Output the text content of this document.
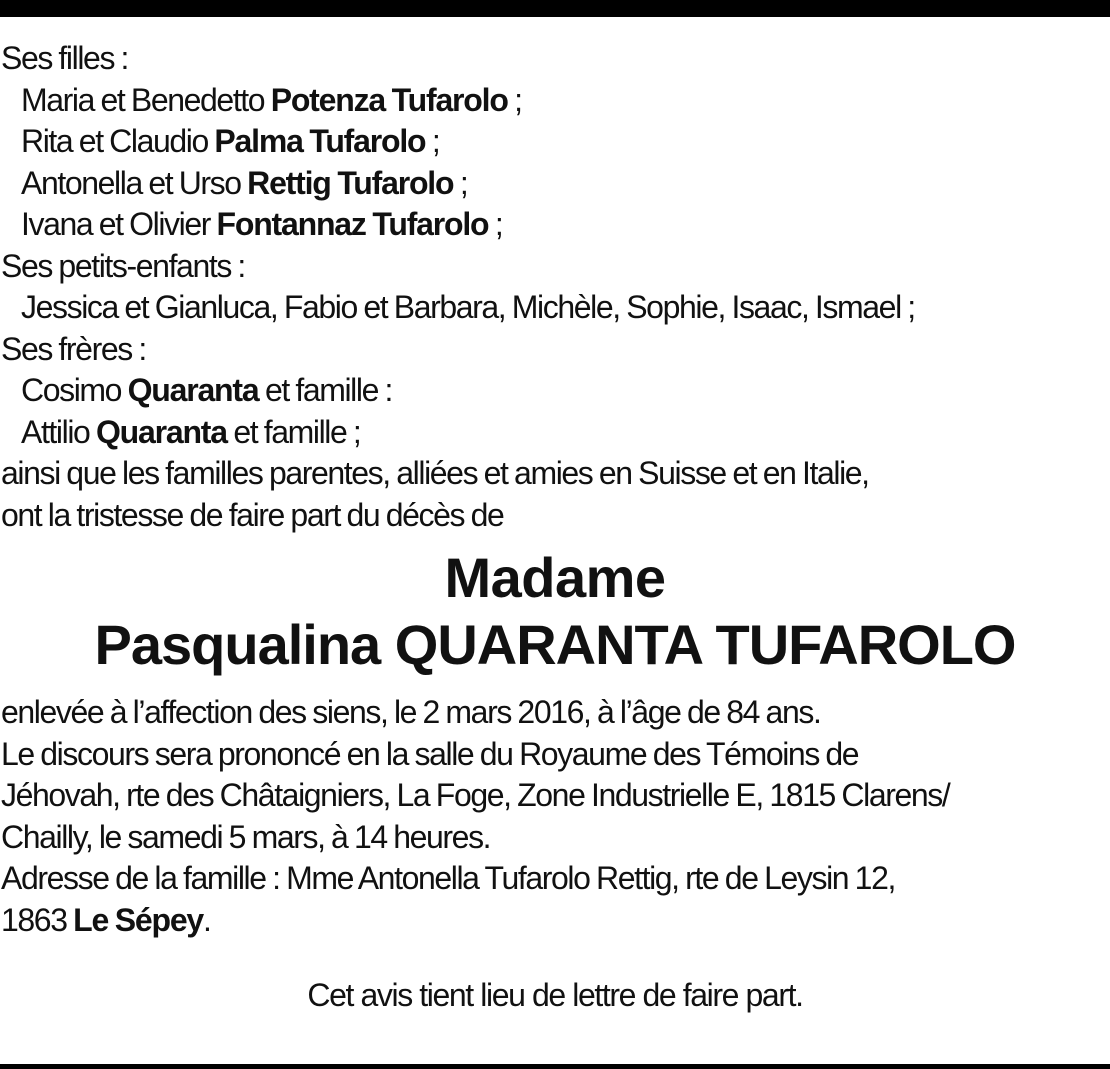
Ses filles :
Maria et Benedetto Potenza Tufarolo ;
Rita et Claudio Palma Tufarolo ;
Antonella et Urso Rettig Tufarolo ;
Ivana et Olivier Fontannaz Tufarolo ;
Ses petits-enfants :
Jessica et Gianluca, Fabio et Barbara, Michèle, Sophie, Isaac, Ismael ;
Ses frères :
Cosimo Quaranta et famille :
Attilio Quaranta et famille ;
ainsi que les familles parentes, alliées et amies en Suisse et en Italie,
ont la tristesse de faire part du décès de
Madame
Pasqualina QUARANTA TUFAROLO
enlevée à l’affection des siens, le 2 mars 2016, à l’âge de 84 ans.
Le discours sera prononcé en la salle du Royaume des Témoins de
Jéhovah, rte des Châtaigniers, La Foge, Zone Industrielle E, 1815 Clarens/
Chailly, le samedi 5 mars, à 14 heures.
Adresse de la famille : Mme Antonella Tufarolo Rettig, rte de Leysin 12,
1863 Le Sépey.
Cet avis tient lieu de lettre de faire part.
